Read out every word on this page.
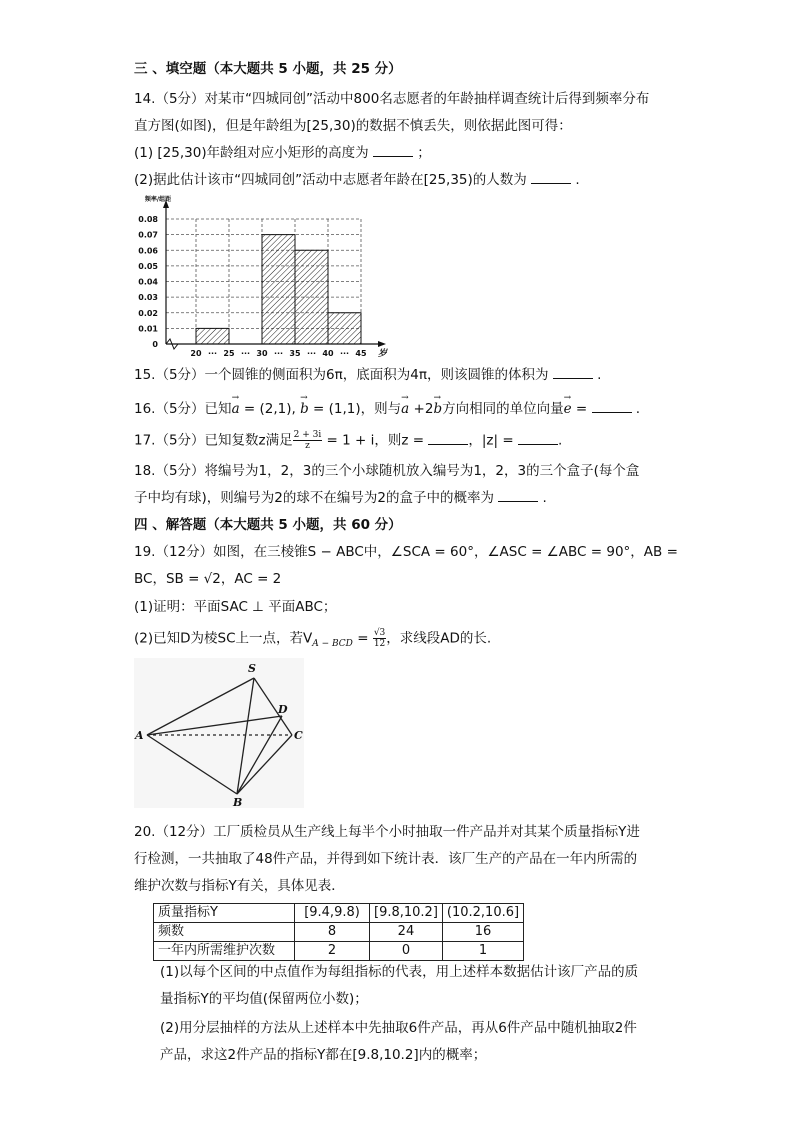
三 、填空题（本大题共 5 小题，共 25 分）
14.（5分）对某市“四城同创”活动中800名志愿者的年龄抽样调查统计后得到频率分布
直方图(如图)，但是年龄组为[25,30)的数据不慎丢失，则依据此图可得：
(1) [25,30)年龄组对应小矩形的高度为	；
(2)据此估计该市“四城同创”活动中志愿者年龄在[25,35)的人数为	.
频率/组距
岁
0
0.01
0.02
0.03
0.04
0.05
0.06
0.07
0.08
20 ··· 25 ··· 30 ··· 35 ··· 40 ··· 45
15.（5分）一个圆锥的侧面积为6π，底面积为4π，则该圆锥的体积为	.
16.（5分）已知→ a = (2,1), → b = (1,1)，则与→ a +2→ b方向相同的单位向量→ e =	.
17.（5分）已知复数z满足 $\frac{2 + 3i}{z} = 1 + i$，则z =	，|z| =	.
18.（5分）将编号为1，2，3的三个小球随机放入编号为1，2，3的三个盒子(每个盒
子中均有球)，则编号为2的球不在编号为2的盒子中的概率为	.
四 、解答题（本大题共 5 小题，共 60 分）
19.（12分）如图，在三棱锥S − ABC中，∠SCA = 60°，∠ASC = ∠ABC = 90°，AB =
BC，SB = √2，AC = 2
(1)证明：平面SAC ⊥ 平面ABC；
(2)已知D为棱SC上一点，若$V_{A - BCD} = \frac{√3}{12}$ ，求线段AD的长.
S
A
B
C
D
20.（12分）工厂质检员从生产线上每半个小时抽取一件产品并对其某个质量指标Y进
行检测，一共抽取了48件产品，并得到如下统计表．该厂生产的产品在一年内所需的
维护次数与指标Y有关，具体见表．
质量指标Y	[9.4,9.8)	[9.8,10.2]	(10.2,10.6]
频数	8	24	16
一年内所需维护次数	2	0	1
(1)以每个区间的中点值作为每组指标的代表，用上述样本数据估计该厂产品的质
量指标Y的平均值(保留两位小数)；
(2)用分层抽样的方法从上述样本中先抽取6件产品，再从6件产品中随机抽取2件
产品，求这2件产品的指标Y都在[9.8,10.2]内的概率；
